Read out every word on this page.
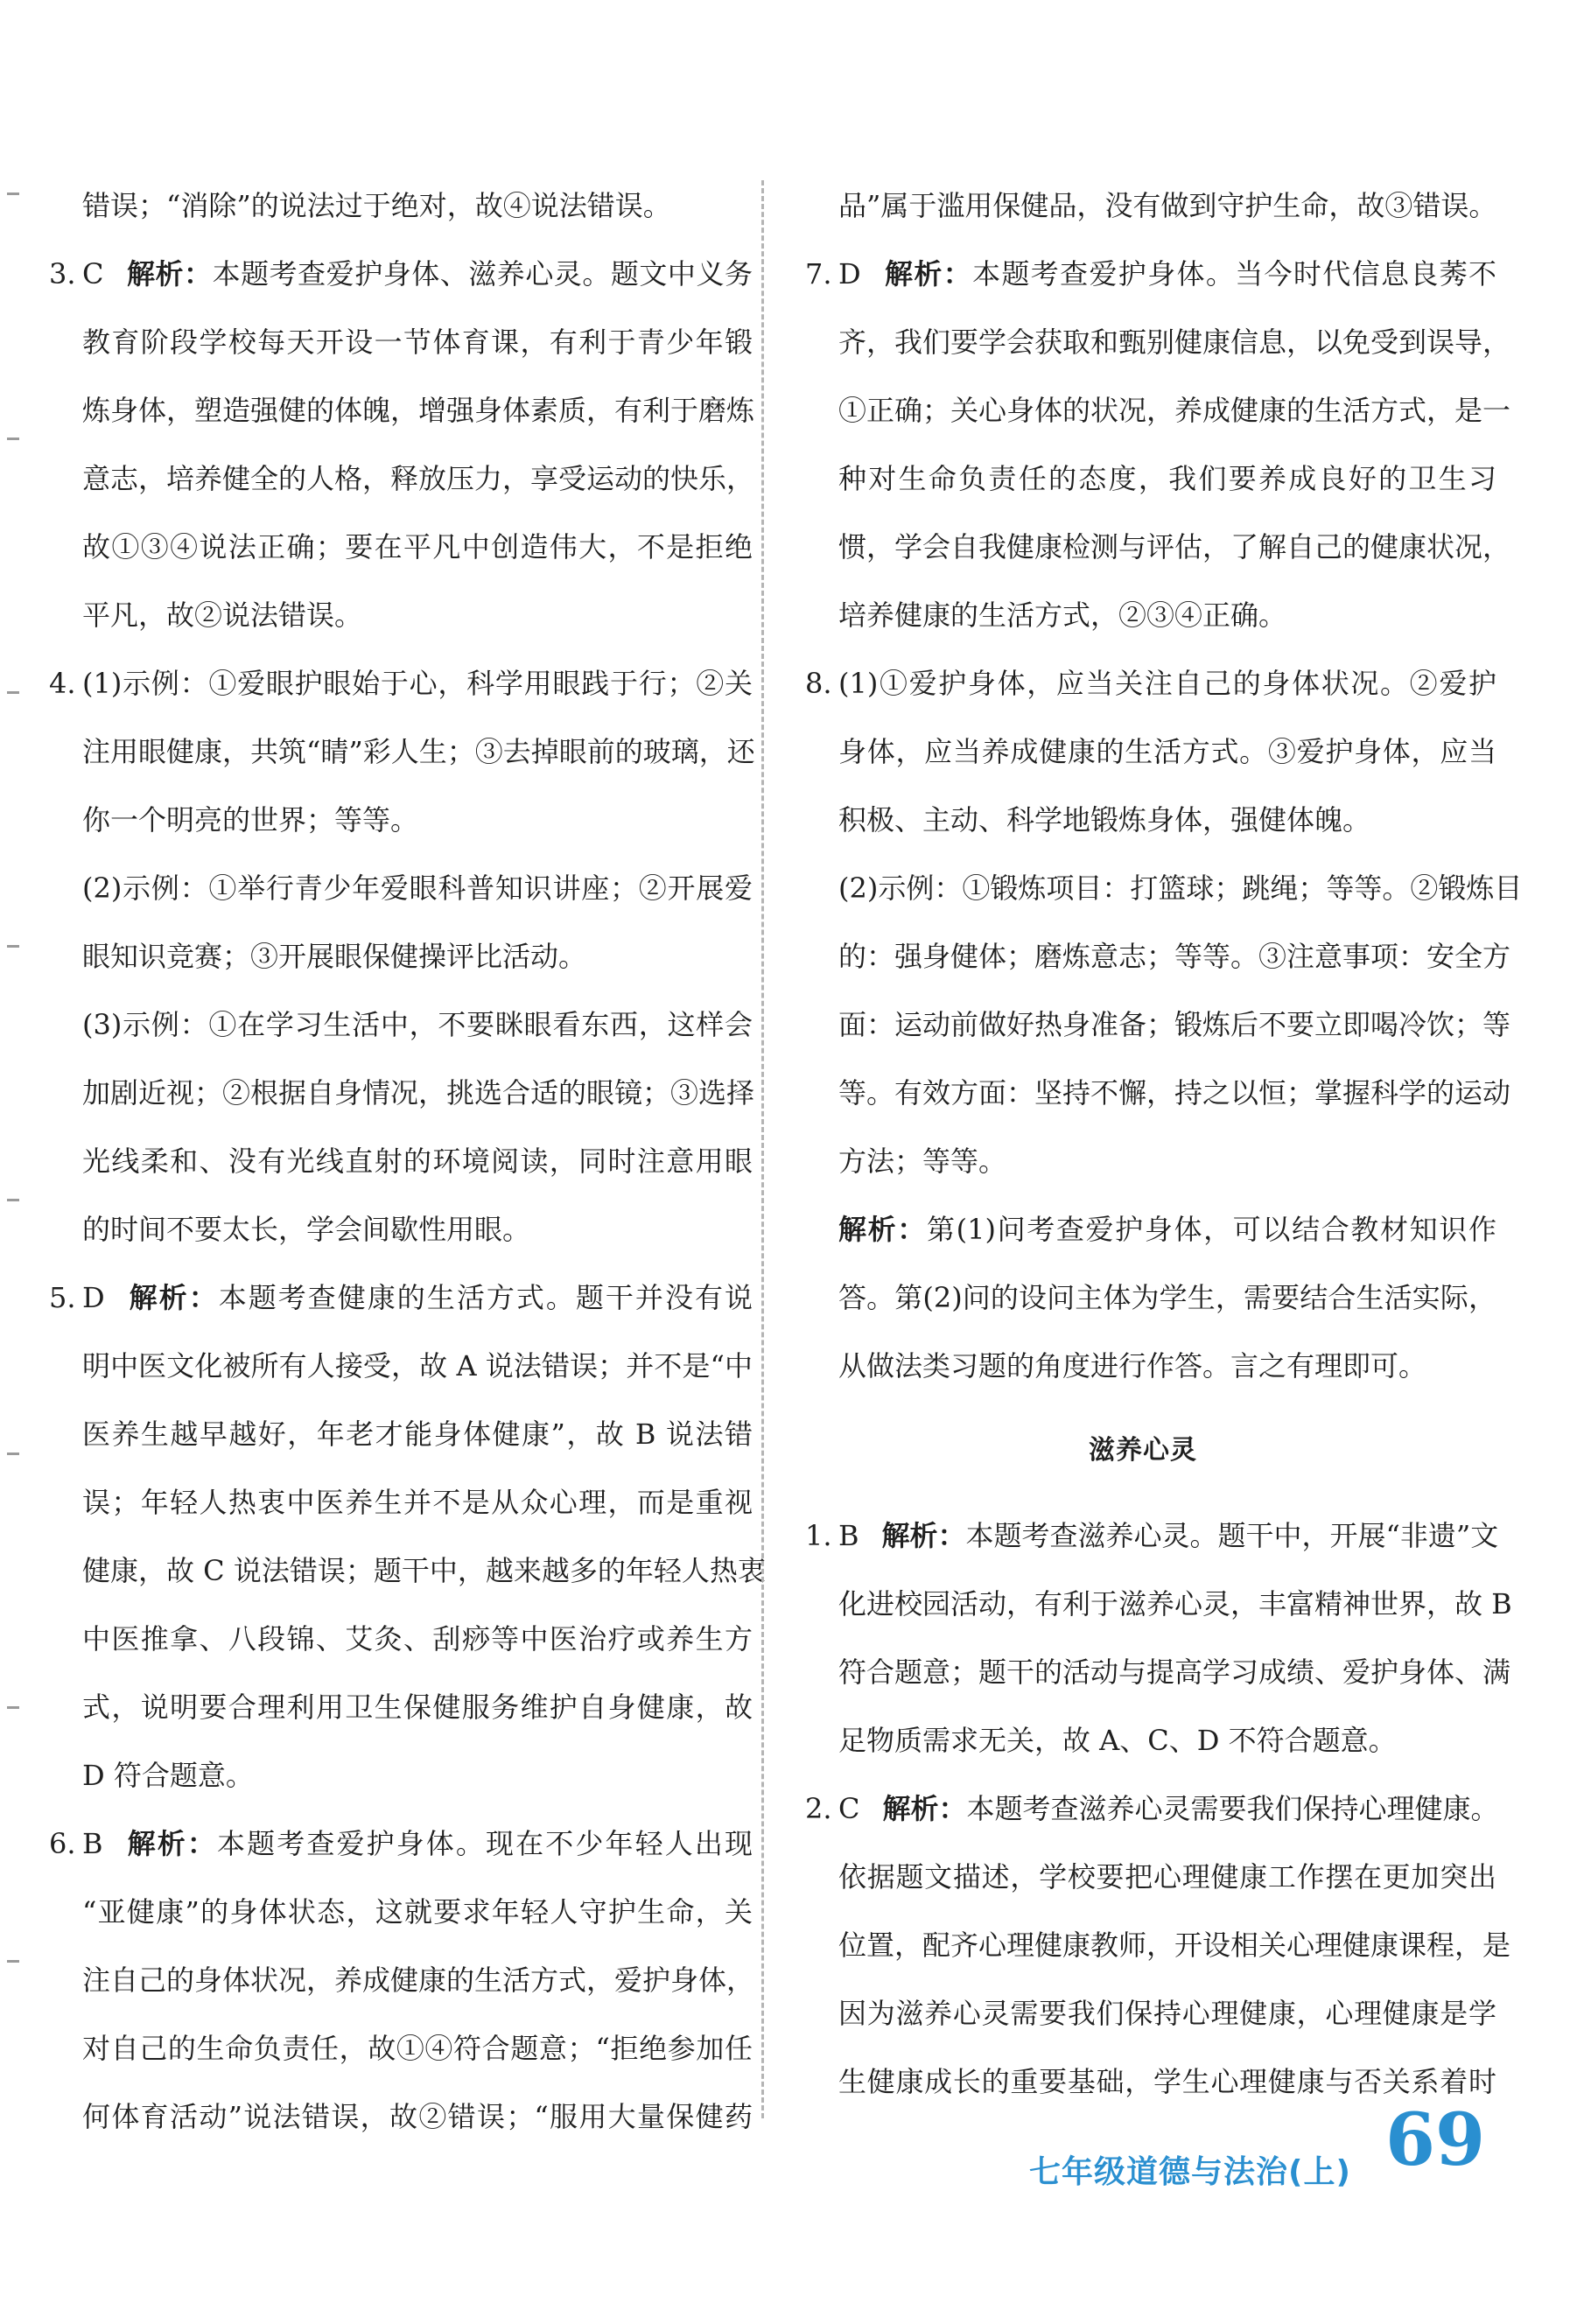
错误；“消除”的说法过于绝对，故④说法错误。
3. C 解析：本题考查爱护身体、滋养心灵。题文中义务
教育阶段学校每天开设一节体育课，有利于青少年锻
炼身体，塑造强健的体魄，增强身体素质，有利于磨炼
意志，培养健全的人格，释放压力，享受运动的快乐，
故①③④说法正确；要在平凡中创造伟大，不是拒绝
平凡，故②说法错误。
4. (1)示例：①爱眼护眼始于心，科学用眼践于行；②关
注用眼健康，共筑“睛”彩人生；③去掉眼前的玻璃，还
你一个明亮的世界；等等。
(2)示例：①举行青少年爱眼科普知识讲座；②开展爱
眼知识竞赛；③开展眼保健操评比活动。
(3)示例：①在学习生活中，不要眯眼看东西，这样会
加剧近视；②根据自身情况，挑选合适的眼镜；③选择
光线柔和、没有光线直射的环境阅读，同时注意用眼
的时间不要太长，学会间歇性用眼。
5. D 解析：本题考查健康的生活方式。题干并没有说
明中医文化被所有人接受，故 A 说法错误；并不是“中
医养生越早越好，年老才能身体健康”，故 B 说法错
误；年轻人热衷中医养生并不是从众心理，而是重视
健康，故 C 说法错误；题干中，越来越多的年轻人热衷
中医推拿、八段锦、艾灸、刮痧等中医治疗或养生方
式，说明要合理利用卫生保健服务维护自身健康，故
D 符合题意。
6. B 解析：本题考查爱护身体。现在不少年轻人出现
“亚健康”的身体状态，这就要求年轻人守护生命，关
注自己的身体状况，养成健康的生活方式，爱护身体，
对自己的生命负责任，故①④符合题意；“拒绝参加任
何体育活动”说法错误，故②错误；“服用大量保健药
品”属于滥用保健品，没有做到守护生命，故③错误。
7. D 解析：本题考查爱护身体。当今时代信息良莠不
齐，我们要学会获取和甄别健康信息，以免受到误导，
①正确；关心身体的状况，养成健康的生活方式，是一
种对生命负责任的态度，我们要养成良好的卫生习
惯，学会自我健康检测与评估，了解自己的健康状况，
培养健康的生活方式，②③④正确。
8. (1)①爱护身体，应当关注自己的身体状况。②爱护
身体，应当养成健康的生活方式。③爱护身体，应当
积极、主动、科学地锻炼身体，强健体魄。
(2)示例：①锻炼项目：打篮球；跳绳；等等。②锻炼目
的：强身健体；磨炼意志；等等。③注意事项：安全方
面：运动前做好热身准备；锻炼后不要立即喝冷饮；等
等。有效方面：坚持不懈，持之以恒；掌握科学的运动
方法；等等。
解析：第(1)问考查爱护身体，可以结合教材知识作
答。第(2)问的设问主体为学生，需要结合生活实际，
从做法类习题的角度进行作答。言之有理即可。
滋养心灵
1. B 解析：本题考查滋养心灵。题干中，开展“非遗”文
化进校园活动，有利于滋养心灵，丰富精神世界，故 B
符合题意；题干的活动与提高学习成绩、爱护身体、满
足物质需求无关，故 A、C、D 不符合题意。
2. C 解析：本题考查滋养心灵需要我们保持心理健康。
依据题文描述，学校要把心理健康工作摆在更加突出
位置，配齐心理健康教师，开设相关心理健康课程，是
因为滋养心灵需要我们保持心理健康，心理健康是学
生健康成长的重要基础，学生心理健康与否关系着时
七年级道德与法治(上) 69
